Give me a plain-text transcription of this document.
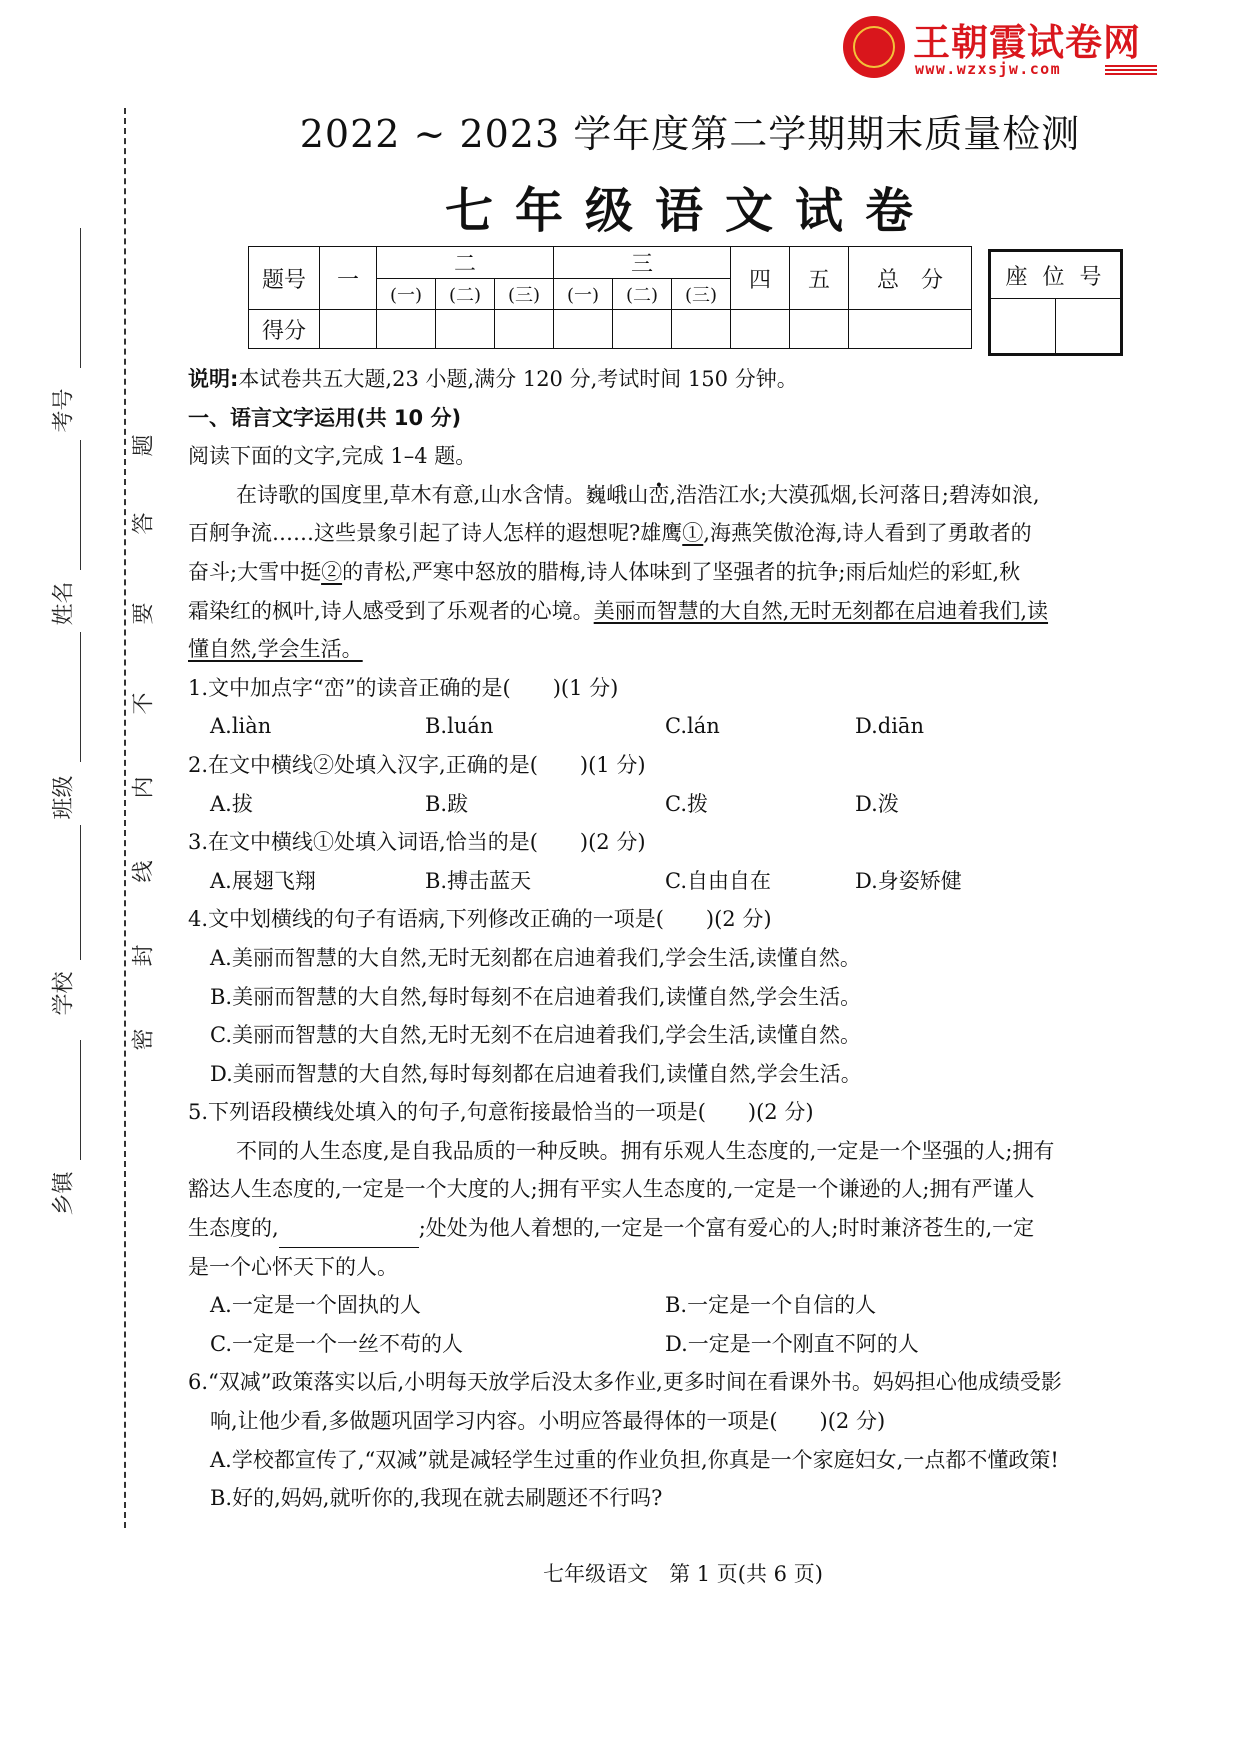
王朝霞试卷网
www.wzxsjw.com
考号
姓名
班级
学校
乡镇
题
答
要
不
内
线
封
密
2022 ~ 2023 学年度第二学期期末质量检测
七年级语文试卷
题号	一	二			三			四	五	总　分
		(一)	(二)	(三)	(一)	(二)	(三)			
得分										
座 位 号

说明:本试卷共五大题,23 小题,满分 120 分,考试时间 150 分钟。
一、语言文字运用(共 10 分)
阅读下面的文字,完成 1–4 题。
在诗歌的国度里,草木有意,山水含情。巍峨山峦,浩浩江水;大漠孤烟,长河落日;碧涛如浪,
百舸争流……这些景象引起了诗人怎样的遐想呢?雄鹰①,海燕笑傲沧海,诗人看到了勇敢者的
奋斗;大雪中挺②的青松,严寒中怒放的腊梅,诗人体味到了坚强者的抗争;雨后灿烂的彩虹,秋
霜染红的枫叶,诗人感受到了乐观者的心境。美丽而智慧的大自然,无时无刻都在启迪着我们,读
懂自然,学会生活。
1.文中加点字“峦”的读音正确的是(　　)(1 分)
A.liàn	B.luán	C.lán	D.diān
2.在文中横线②处填入汉字,正确的是(　　)(1 分)
A.拔	B.跋	C.拨	D.泼
3.在文中横线①处填入词语,恰当的是(　　)(2 分)
A.展翅飞翔	B.搏击蓝天	C.自由自在	D.身姿矫健
4.文中划横线的句子有语病,下列修改正确的一项是(　　)(2 分)
A.美丽而智慧的大自然,无时无刻都在启迪着我们,学会生活,读懂自然。
B.美丽而智慧的大自然,每时每刻不在启迪着我们,读懂自然,学会生活。
C.美丽而智慧的大自然,无时无刻不在启迪着我们,学会生活,读懂自然。
D.美丽而智慧的大自然,每时每刻都在启迪着我们,读懂自然,学会生活。
5.下列语段横线处填入的句子,句意衔接最恰当的一项是(　　)(2 分)
不同的人生态度,是自我品质的一种反映。拥有乐观人生态度的,一定是一个坚强的人;拥有
豁达人生态度的,一定是一个大度的人;拥有平实人生态度的,一定是一个谦逊的人;拥有严谨人
生态度的,	;处处为他人着想的,一定是一个富有爱心的人;时时兼济苍生的,一定
是一个心怀天下的人。
A.一定是一个固执的人	B.一定是一个自信的人
C.一定是一个一丝不苟的人	D.一定是一个刚直不阿的人
6.“双减”政策落实以后,小明每天放学后没太多作业,更多时间在看课外书。妈妈担心他成绩受影
响,让他少看,多做题巩固学习内容。小明应答最得体的一项是(　　)(2 分)
A.学校都宣传了,“双减”就是减轻学生过重的作业负担,你真是一个家庭妇女,一点都不懂政策!
B.好的,妈妈,就听你的,我现在就去刷题还不行吗?
七年级语文　第 1 页(共 6 页)
